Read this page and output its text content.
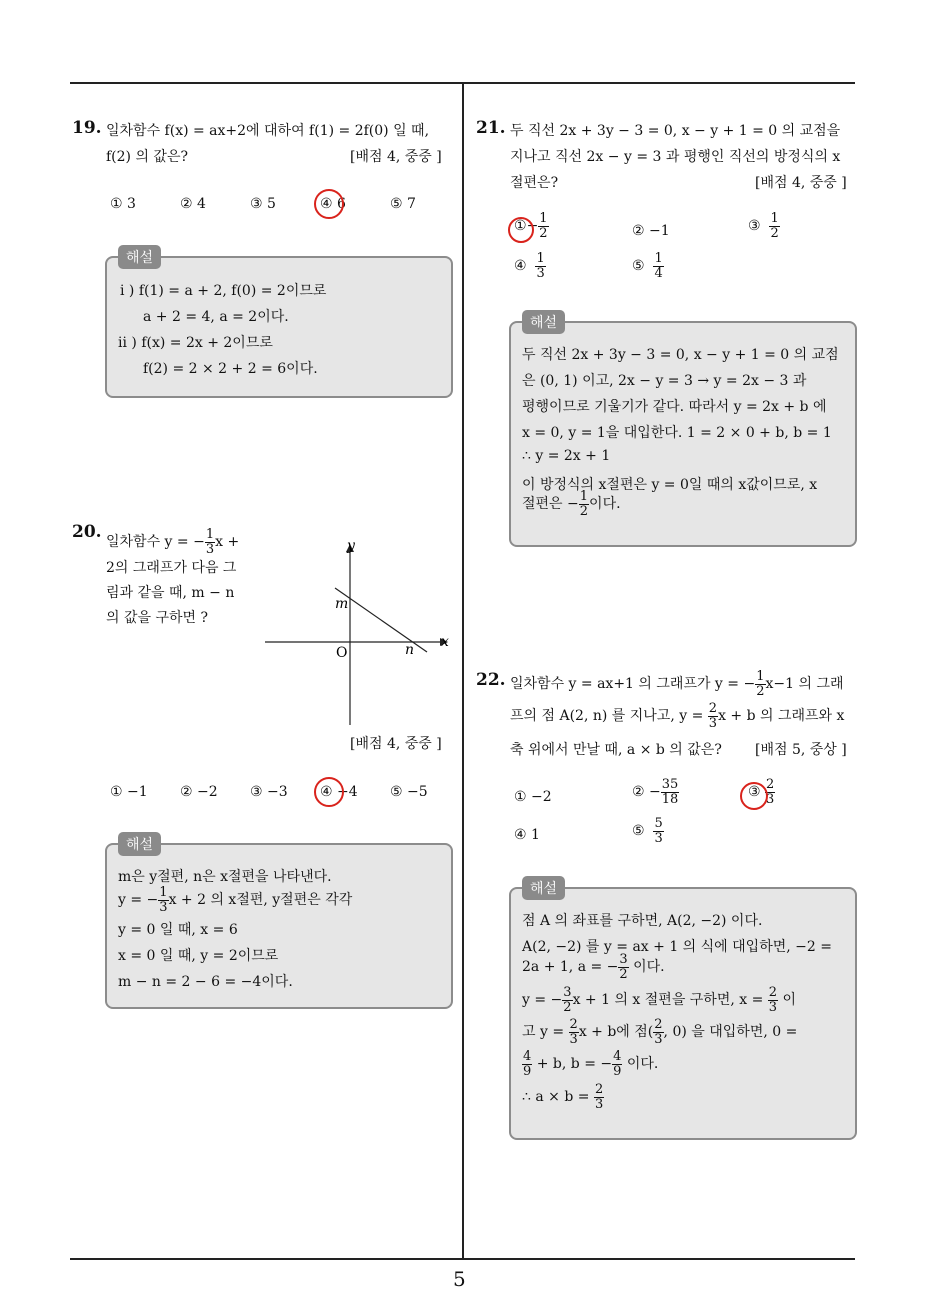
5
19. 일차함수 f(x) = ax+2에 대하여 f(1) = 2f(0) 일 때,
f(2) 의 값은?	[배점 4, 중중 ]
① 3	② 4	③ 5	④ 6	⑤ 7
해설
i ) f(1) = a + 2, f(0) = 2이므로
a + 2 = 4, a = 2이다.
ii ) f(x) = 2x + 2이므로
f(2) = 2 × 2 + 2 = 6이다.
20.
일차함수 y = − $\frac{1}{3}$ x +
2의 그래프가 다음 그
림과 같을 때, m − n
의 값을 구하면 ?
y
x
O
m
n
[배점 4, 중중 ]
① −1 ② −2 ③ −3 ④ −4 ⑤ −5
해설
m은 y절편, n은 x절편을 나타낸다.
y = − $\frac{1}{3}$ x + 2 의 x절편, y절편은 각각
y = 0 일 때, x = 6
x = 0 일 때, y = 2이므로
m − n = 2 − 6 = −4이다.
21. 두 직선 2x + 3y − 3 = 0, x − y + 1 = 0 의 교점을
지나고 직선 2x − y = 3 과 평행인 직선의 방정식의 x
절편은?	[배점 4, 중중 ]
①− $\frac{1}{2}$	② −1	③ $\frac{1}{2}$
④ $\frac{1}{3}$	⑤ $\frac{1}{4}$
해설
두 직선 2x + 3y − 3 = 0, x − y + 1 = 0 의 교점
은 (0, 1) 이고, 2x − y = 3 → y = 2x − 3 과
평행이므로 기울기가 같다. 따라서 y = 2x + b 에
x = 0, y = 1을 대입한다. 1 = 2 × 0 + b, b = 1
∴ y = 2x + 1
이 방정식의 x절편은 y = 0일 때의 x값이므로, x
절편은 − $\frac{1}{2}$ 이다.
22. 일차함수 y = ax+1 의 그래프가 y = − $\frac{1}{2} x-1$ 의 그래
프의 점 A(2, n) 를 지나고, $y = \frac{2}{3}$ x + b 의 그래프와 x
축 위에서 만날 때, a × b 의 값은? [배점 5, 중상 ]
① −2	② − $\frac{35}{18}$	③ $\frac{2}{3}$
④ 1	⑤ $\frac{5}{3}$
해설
점 A 의 좌표를 구하면, A(2, −2) 이다.
A(2, −2) 를 y = ax + 1 의 식에 대입하면, −2 =
2a + 1, a = − $\frac{3}{2}$ 이다.
y = − $\frac{3}{2}$ x + 1 의 x 절편을 구하면, $x = \frac{2}{3}$ 이
고 $y = \frac{2}{3}$ x + b에 점( $\frac{2}{3}$ , 0) 을 대입하면, 0 =
$\frac{4}{9} + b$, b = − $\frac{4}{9}$ 이다.
∴ $a \times b = \frac{2}{3}$
